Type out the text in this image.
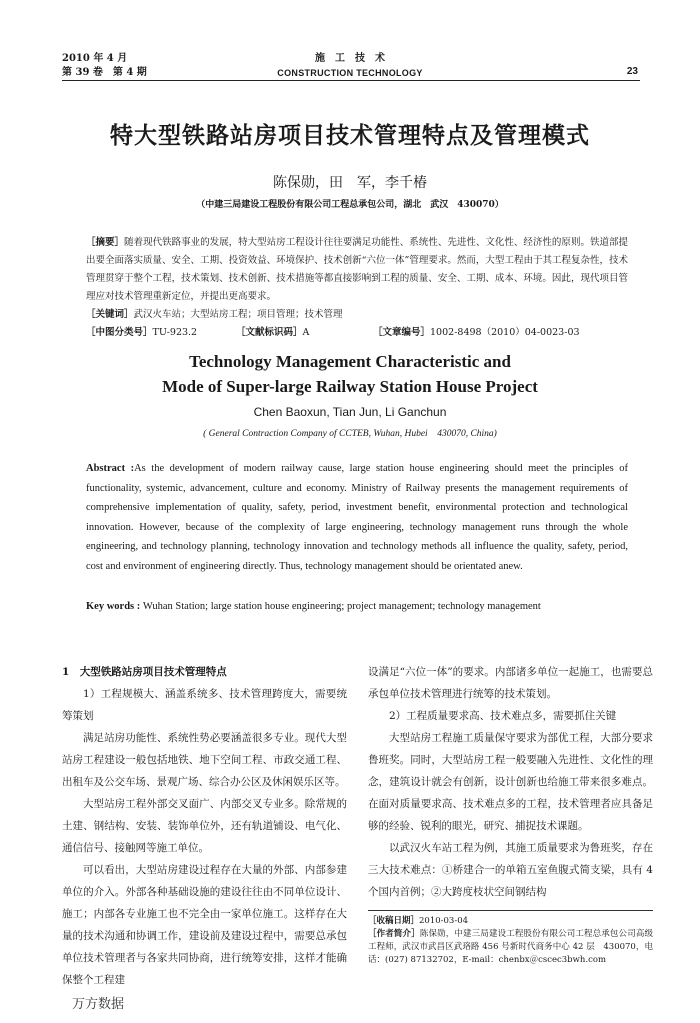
2010 年 4 月
第 39 卷　第 4 期
施　工　技　术
CONSTRUCTION TECHNOLOGY	23
特大型铁路站房项目技术管理特点及管理模式
陈保勋，田　军，李千椿
（中建三局建设工程股份有限公司工程总承包公司，湖北　武汉　430070）
［摘要］随着现代铁路事业的发展，特大型站房工程设计往往要满足功能性、系统性、先进性、文化性、经济性的原则。铁道部提出要全面落实质量、安全、工期、投资效益、环境保护、技术创新“六位一体”管理要求。然而，大型工程由于其工程复杂性，技术管理贯穿于整个工程，技术策划、技术创新、技术措施等都直接影响到工程的质量、安全、工期、成本、环境。因此，现代项目管理应对技术管理重新定位，并提出更高要求。
［关键词］武汉火车站；大型站房工程；项目管理；技术管理
［中图分类号］TU-923.2	［文献标识码］A	［文章编号］1002-8498（2010）04-0023-03
Technology Management Characteristic and
Mode of Super-large Railway Station House Project
Chen Baoxun, Tian Jun, Li Ganchun
( General Contraction Company of CCTEB, Wuhan, Hubei　430070, China)
Abstract :As the development of modern railway cause, large station house engineering should meet the principles of functionality, systemic, advancement, culture and economy. Ministry of Railway presents the management requirements of comprehensive implementation of quality, safety, period, investment benefit, environmental protection and technological innovation. However, because of the complexity of large engineering, technology management runs through the whole engineering, and technology planning, technology innovation and technology methods all influence the quality, safety, period, cost and environment of engineering directly. Thus, technology management should be orientated anew.
Key words : Wuhan Station; large station house engineering; project management; technology management

1　大型铁路站房项目技术管理特点

1）工程规模大、涵盖系统多、技术管理跨度大，需要统筹策划

满足站房功能性、系统性势必要涵盖很多专业。现代大型站房工程建设一般包括地铁、地下空间工程、市政交通工程、出租车及公交车场、景观广场、综合办公区及休闲娱乐区等。

大型站房工程外部交叉面广、内部交叉专业多。除常规的土建、钢结构、安装、装饰单位外，还有轨道铺设、电气化、通信信号、接触网等施工单位。

可以看出，大型站房建设过程存在大量的外部、内部参建单位的介入。外部各种基础设施的建设往往由不同单位设计、施工；内部各专业施工也不完全由一家单位施工。这样存在大量的技术沟通和协调工作，建设前及建设过程中，需要总承包单位技术管理者与各家共同协商，进行统筹安排，这样才能确保整个工程建

设满足“六位一体”的要求。内部诸多单位一起施工，也需要总承包单位技术管理进行统筹的技术策划。

2）工程质量要求高、技术难点多，需要抓住关键

大型站房工程施工质量保守要求为部优工程，大部分要求鲁班奖。同时，大型站房工程一般要融入先进性、文化性的理念，建筑设计就会有创新，设计创新也给施工带来很多难点。在面对质量要求高、技术难点多的工程，技术管理者应具备足够的经验、锐利的眼光，研究、捕捉技术课题。

以武汉火车站工程为例，其施工质量要求为鲁班奖，存在三大技术难点：①桥建合一的单箱五室鱼腹式简支梁，具有 4 个国内首例；②大跨度枝状空间钢结构

［收稿日期］2010-03-04
［作者简介］陈保勋，中建三局建设工程股份有限公司工程总承包公司高级工程师，武汉市武昌区武珞路 456 号新时代商务中心 42 层　430070，电话：(027) 87132702，E-mail：chenbx＠cscec3bwh.com
万方数据
